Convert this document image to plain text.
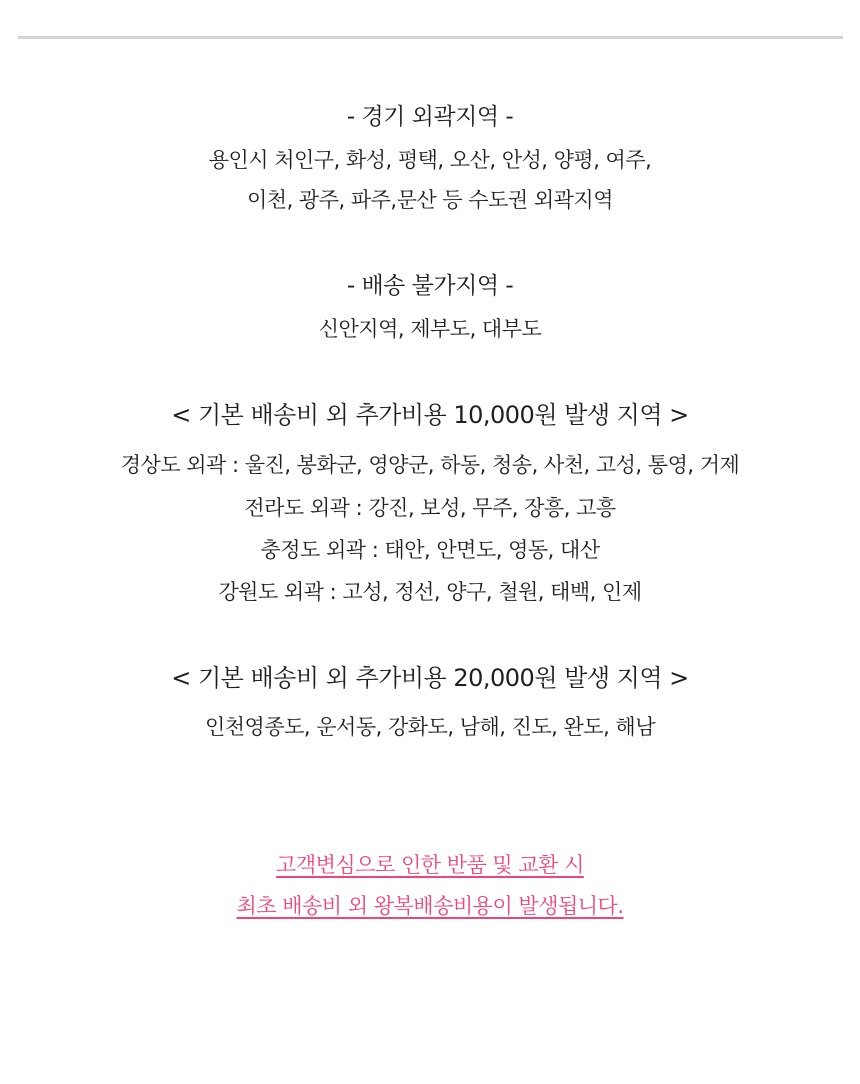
- 경기 외곽지역 -
용인시 처인구, 화성, 평택, 오산, 안성, 양평, 여주,
이천, 광주, 파주,문산 등 수도권 외곽지역
- 배송 불가지역 -
신안지역, 제부도, 대부도
< 기본 배송비 외 추가비용 10,000원 발생 지역 >
경상도 외곽 : 울진, 봉화군, 영양군, 하동, 청송, 사천, 고성, 통영, 거제
전라도 외곽 : 강진, 보성, 무주, 장흥, 고흥
충정도 외곽 : 태안, 안면도, 영동, 대산
강원도 외곽 : 고성, 정선, 양구, 철원, 태백, 인제
< 기본 배송비 외 추가비용 20,000원 발생 지역 >
인천영종도, 운서동, 강화도, 남해, 진도, 완도, 해남
고객변심으로 인한 반품 및 교환 시
최초 배송비 외 왕복배송비용이 발생됩니다.
